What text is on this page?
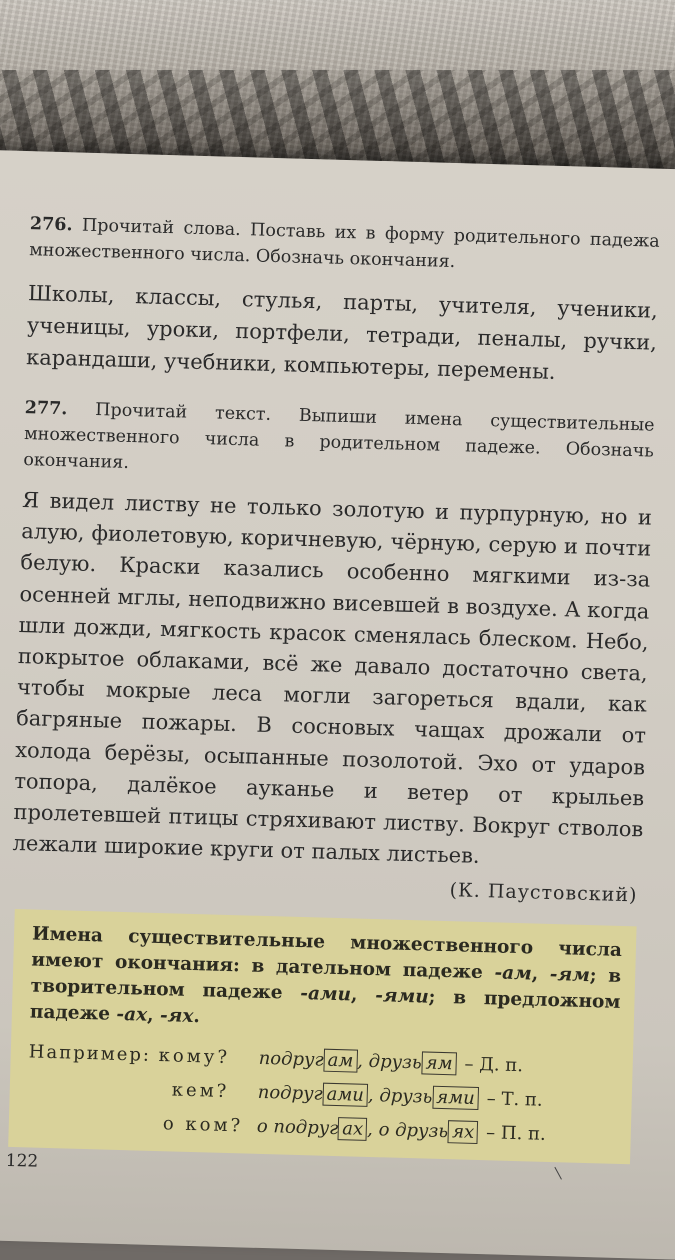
276. Прочитай слова. Поставь их в форму родительного падежа множественного числа. Обозначь окончания.

Школы, классы, стулья, парты, учителя, ученики, ученицы, уроки, портфели, тетради, пеналы, ручки, карандаши, учебники, компьютеры, перемены.

277. Прочитай текст. Выпиши имена существительные множественного числа в родительном падеже. Обозначь окончания.

Я видел листву не только золотую и пурпурную, но и алую, фиолетовую, коричневую, чёрную, серую и почти белую. Краски казались особенно мягкими из-за осенней мглы, неподвижно висевшей в воздухе. А когда шли дожди, мягкость красок сменялась блеском. Небо, покрытое облаками, всё же давало достаточно света, чтобы мокрые леса могли загореться вдали, как багряные пожары. В сосновых чащах дрожали от холода берёзы, осыпанные позолотой. Эхо от ударов топора, далёкое ауканье и ветер от крыльев пролетевшей птицы стряхивают листву. Вокруг стволов лежали широкие круги от палых листьев.

(К. Паустовский)

Имена существительные множественного числа имеют окончания: в дательном падеже -ам, -ям; в творительном падеже -ами, -ями; в предложном падеже -ах, -ях.

Например: кому?	подруг ам , друзь ям – Д. п.
кем?	подруг ами , друзь ями – Т. п.
о ком? о подруг ах , о друзь ях – П. п.
122
